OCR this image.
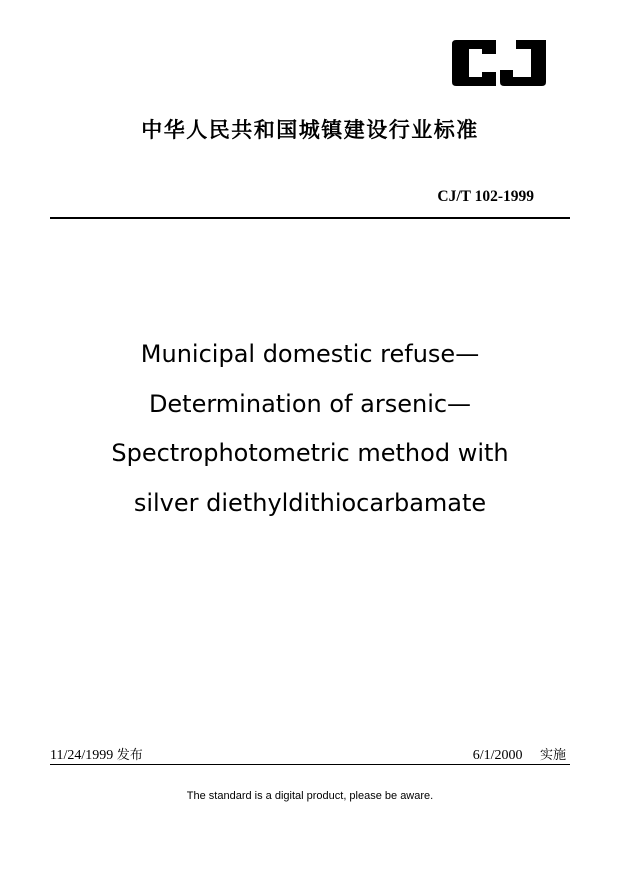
CJ
中华人民共和国城镇建设行业标准
CJ/T 102-1999
Municipal domestic refuse—
Determination of arsenic—
Spectrophotometric method with
silver diethyldithiocarbamate
11/24/1999 发布	6/1/2000 实施
The standard is a digital product, please be aware.
